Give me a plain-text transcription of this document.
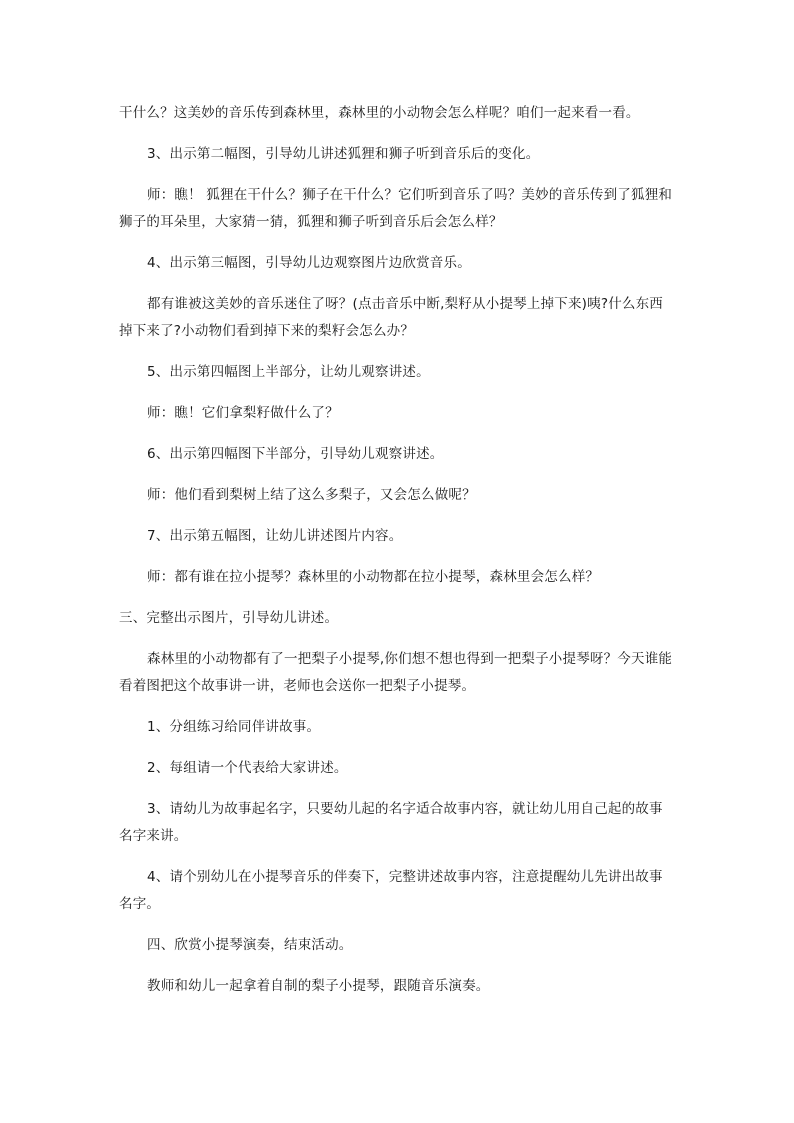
干什么？这美妙的音乐传到森林里，森林里的小动物会怎么样呢？咱们一起来看一看。

3、出示第二幅图，引导幼儿讲述狐狸和狮子听到音乐后的变化。

师：瞧！ 狐狸在干什么？狮子在干什么？它们听到音乐了吗？美妙的音乐传到了狐狸和狮子的耳朵里，大家猜一猜，狐狸和狮子听到音乐后会怎么样？

4、出示第三幅图，引导幼儿边观察图片边欣赏音乐。

都有谁被这美妙的音乐迷住了呀？(点击音乐中断,梨籽从小提琴上掉下来)咦?什么东西掉下来了?小动物们看到掉下来的梨籽会怎么办？

5、出示第四幅图上半部分，让幼儿观察讲述。

师：瞧！它们拿梨籽做什么了？

6、出示第四幅图下半部分，引导幼儿观察讲述。

师：他们看到梨树上结了这么多梨子，又会怎么做呢？

7、出示第五幅图，让幼儿讲述图片内容。

师：都有谁在拉小提琴？森林里的小动物都在拉小提琴，森林里会怎么样？

三、完整出示图片，引导幼儿讲述。

森林里的小动物都有了一把梨子小提琴,你们想不想也得到一把梨子小提琴呀？今天谁能看着图把这个故事讲一讲，老师也会送你一把梨子小提琴。

1、分组练习给同伴讲故事。

2、每组请一个代表给大家讲述。

3、请幼儿为故事起名字，只要幼儿起的名字适合故事内容，就让幼儿用自己起的故事名字来讲。

4、请个别幼儿在小提琴音乐的伴奏下，完整讲述故事内容，注意提醒幼儿先讲出故事名字。

四、欣赏小提琴演奏，结束活动。

教师和幼儿一起拿着自制的梨子小提琴，跟随音乐演奏。
